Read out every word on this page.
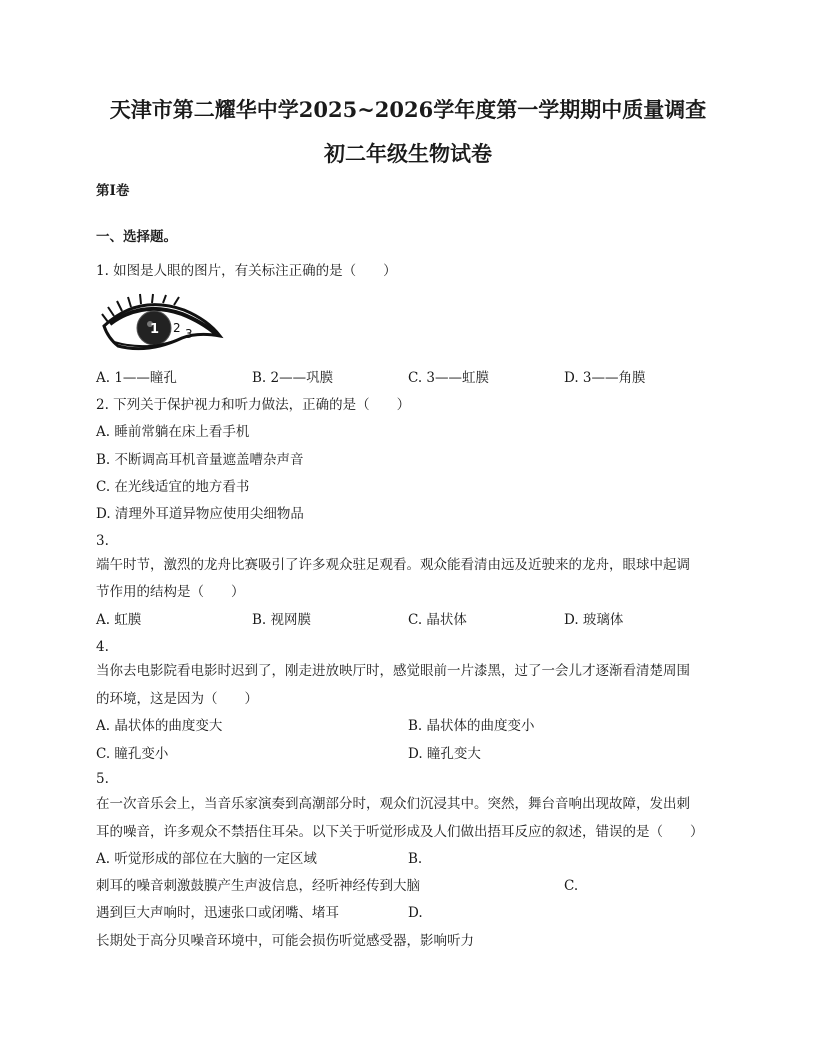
天津市第二耀华中学2025~2026学年度第一学期期中质量调查
初二年级生物试卷
第I卷
一、选择题。
1. 如图是人眼的图片，有关标注正确的是（　　）
1 2 3
A. 1——瞳孔	B. 2——巩膜	C. 3——虹膜	D. 3——角膜
2. 下列关于保护视力和听力做法，正确的是（　　）
A. 睡前常躺在床上看手机
B. 不断调高耳机音量遮盖嘈杂声音
C. 在光线适宜的地方看书
D. 清理外耳道异物应使用尖细物品
3.
端午时节，激烈的龙舟比赛吸引了许多观众驻足观看。观众能看清由远及近驶来的龙舟，眼球中起调
节作用的结构是（　　）
A. 虹膜	B. 视网膜	C. 晶状体	D. 玻璃体
4.
当你去电影院看电影时迟到了，刚走进放映厅时，感觉眼前一片漆黑，过了一会儿才逐渐看清楚周围
的环境，这是因为（　　）
A. 晶状体的曲度变大	B. 晶状体的曲度变小
C. 瞳孔变小	D. 瞳孔变大
5.
在一次音乐会上，当音乐家演奏到高潮部分时，观众们沉浸其中。突然，舞台音响出现故障，发出刺
耳的噪音，许多观众不禁捂住耳朵。以下关于听觉形成及人们做出捂耳反应的叙述，错误的是（　　）
A. 听觉形成的部位在大脑的一定区域	B.
刺耳的噪音刺激鼓膜产生声波信息，经听神经传到大脑	C.
遇到巨大声响时，迅速张口或闭嘴、堵耳	D.
长期处于高分贝噪音环境中，可能会损伤听觉感受器，影响听力
